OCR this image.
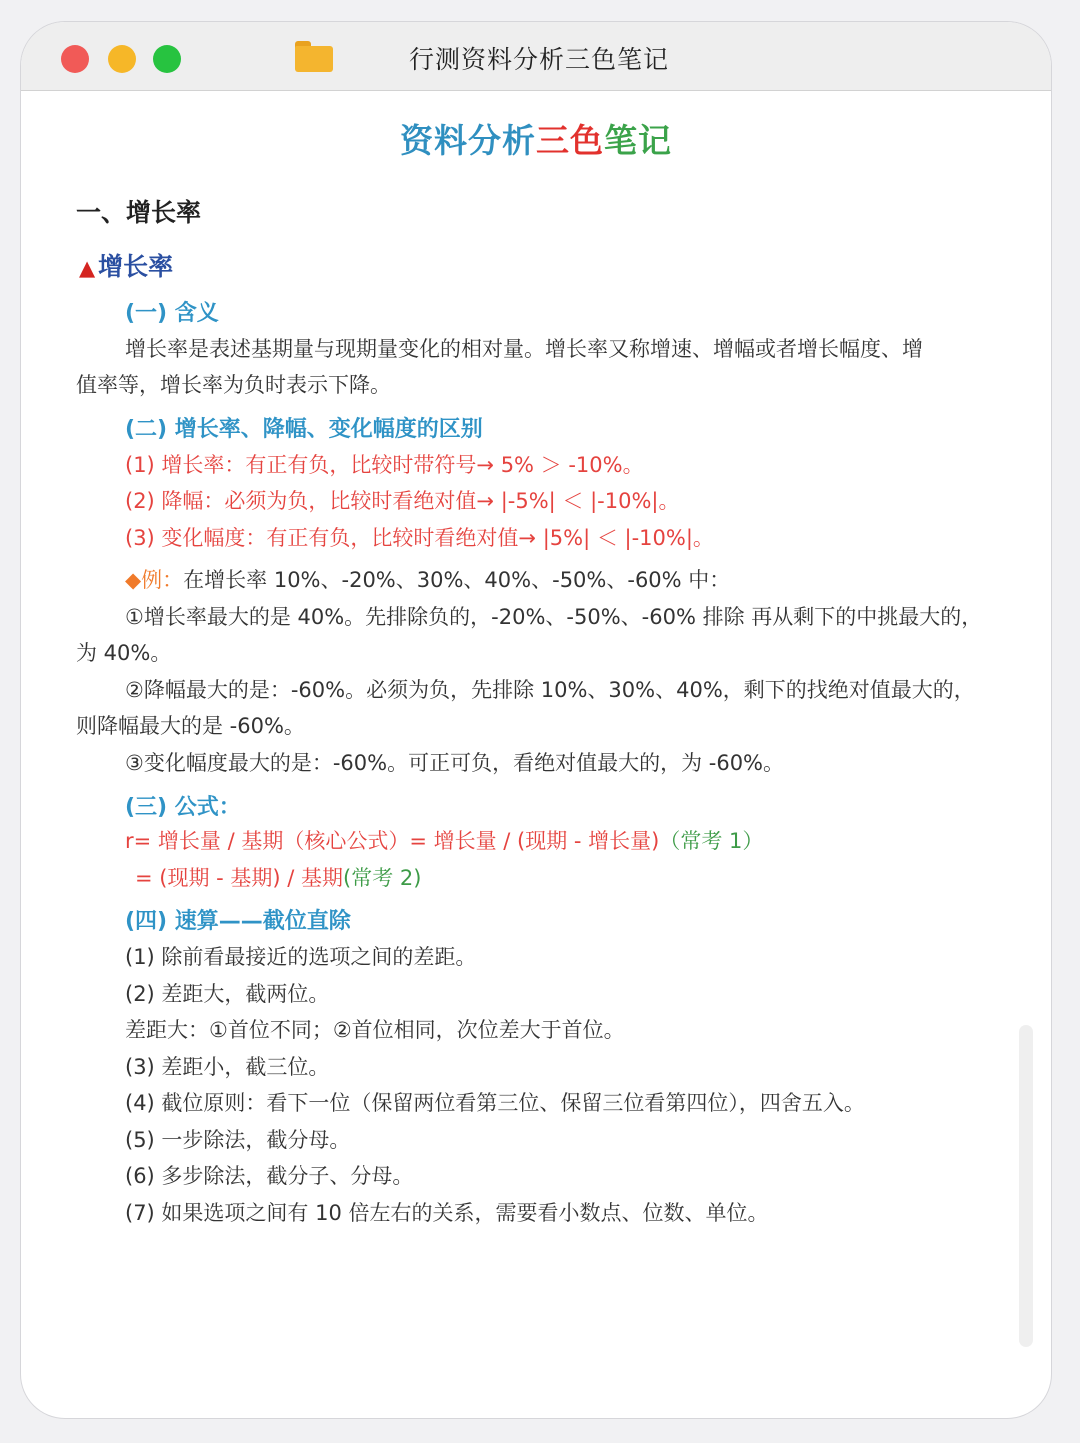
行测资料分析三色笔记
资料分析三色笔记
一、增长率
▲ 增长率
(一) 含义
增长率是表述基期量与现期量变化的相对量。增长率又称增速、增幅或者增长幅度、增
值率等，增长率为负时表示下降。
(二) 增长率、降幅、变化幅度的区别
(1) 增长率：有正有负，比较时带符号→ 5% ＞ -10%。
(2) 降幅：必须为负，比较时看绝对值→ |-5%| ＜ |-10%|。
(3) 变化幅度：有正有负，比较时看绝对值→ |5%| ＜ |-10%|。
◆例：在增长率 10%、-20%、30%、40%、-50%、-60% 中：
①增长率最大的是 40%。先排除负的，-20%、-50%、-60% 排除 再从剩下的中挑最大的，
为 40%。
②降幅最大的是：-60%。必须为负，先排除 10%、30%、40%，剩下的找绝对值最大的，
则降幅最大的是 -60%。
③变化幅度最大的是：-60%。可正可负，看绝对值最大的，为 -60%。
(三) 公式：
r= 增长量 / 基期（核心公式）= 增长量 / (现期 - 增长量)（常考 1）
= (现期 - 基期) / 基期(常考 2)
(四) 速算——截位直除
(1) 除前看最接近的选项之间的差距。
(2) 差距大，截两位。
差距大：①首位不同；②首位相同，次位差大于首位。
(3) 差距小，截三位。
(4) 截位原则：看下一位（保留两位看第三位、保留三位看第四位），四舍五入。
(5) 一步除法，截分母。
(6) 多步除法，截分子、分母。
(7) 如果选项之间有 10 倍左右的关系，需要看小数点、位数、单位。
